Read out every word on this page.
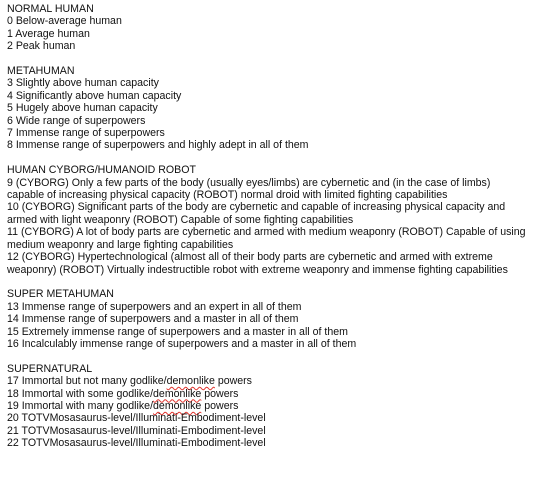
NORMAL HUMAN
0 Below-average human
1 Average human
2 Peak human
METAHUMAN
3 Slightly above human capacity
4 Significantly above human capacity
5 Hugely above human capacity
6 Wide range of superpowers
7 Immense range of superpowers
8 Immense range of superpowers and highly adept in all of them
HUMAN CYBORG/HUMANOID ROBOT
9 (CYBORG) Only a few parts of the body (usually eyes/limbs) are cybernetic and (in the case of limbs) capable of increasing physical capacity (ROBOT) normal droid with limited fighting capabilities
10 (CYBORG) Significant parts of the body are cybernetic and capable of increasing physical capacity and armed with light weaponry (ROBOT) Capable of some fighting capabilities
11 (CYBORG) A lot of body parts are cybernetic and armed with medium weaponry (ROBOT) Capable of using medium weaponry and large fighting capabilities
12 (CYBORG) Hypertechnological (almost all of their body parts are cybernetic and armed with extreme weaponry) (ROBOT) Virtually indestructible robot with extreme weaponry and immense fighting capabilities
SUPER METAHUMAN
13 Immense range of superpowers and an expert in all of them
14 Immense range of superpowers and a master in all of them
15 Extremely immense range of superpowers and a master in all of them
16 Incalculably immense range of superpowers and a master in all of them
SUPERNATURAL
17 Immortal but not many godlike/demonlike powers
18 Immortal with some godlike/demonlike powers
19 Immortal with many godlike/demonlike powers
20 TOTVMosasaurus-level/Illuminati-Embodiment-level
21 TOTVMosasaurus-level/Illuminati-Embodiment-level
22 TOTVMosasaurus-level/Illuminati-Embodiment-level
